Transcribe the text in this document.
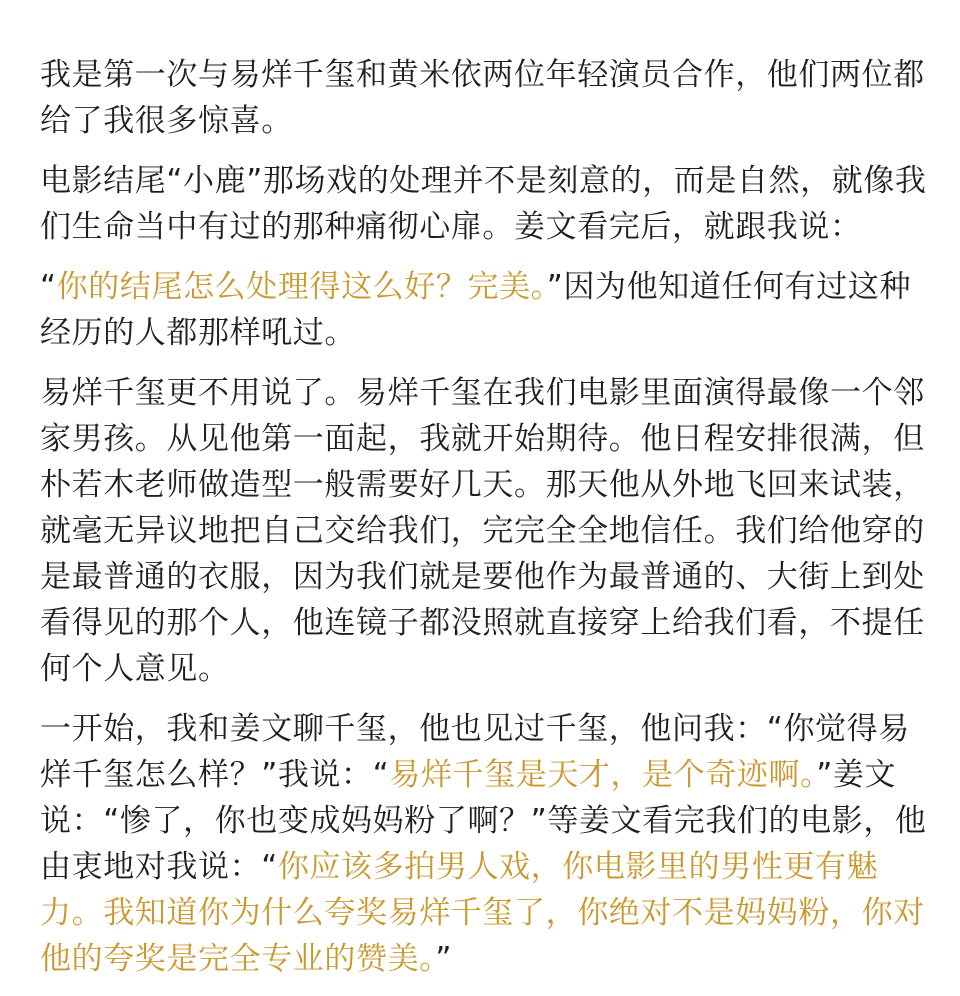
我是第一次与易烊千玺和黄米依两位年轻演员合作，他们两位都
给了我很多惊喜。

电影结尾“小鹿”那场戏的处理并不是刻意的，而是自然，就像我
们生命当中有过的那种痛彻心扉。姜文看完后，就跟我说：

“你的结尾怎么处理得这么好？完美。”因为他知道任何有过这种
经历的人都那样吼过。

易烊千玺更不用说了。易烊千玺在我们电影里面演得最像一个邻
家男孩。从见他第一面起，我就开始期待。他日程安排很满，但
朴若木老师做造型一般需要好几天。那天他从外地飞回来试装，
就毫无异议地把自己交给我们，完完全全地信任。我们给他穿的
是最普通的衣服，因为我们就是要他作为最普通的、大街上到处
看得见的那个人，他连镜子都没照就直接穿上给我们看，不提任
何个人意见。

一开始，我和姜文聊千玺，他也见过千玺，他问我：“你觉得易
烊千玺怎么样？”我说：“易烊千玺是天才，是个奇迹啊。”姜文
说：“惨了，你也变成妈妈粉了啊？”等姜文看完我们的电影，他
由衷地对我说：“你应该多拍男人戏，你电影里的男性更有魅
力。我知道你为什么夸奖易烊千玺了，你绝对不是妈妈粉，你对
他的夸奖是完全专业的赞美。”
